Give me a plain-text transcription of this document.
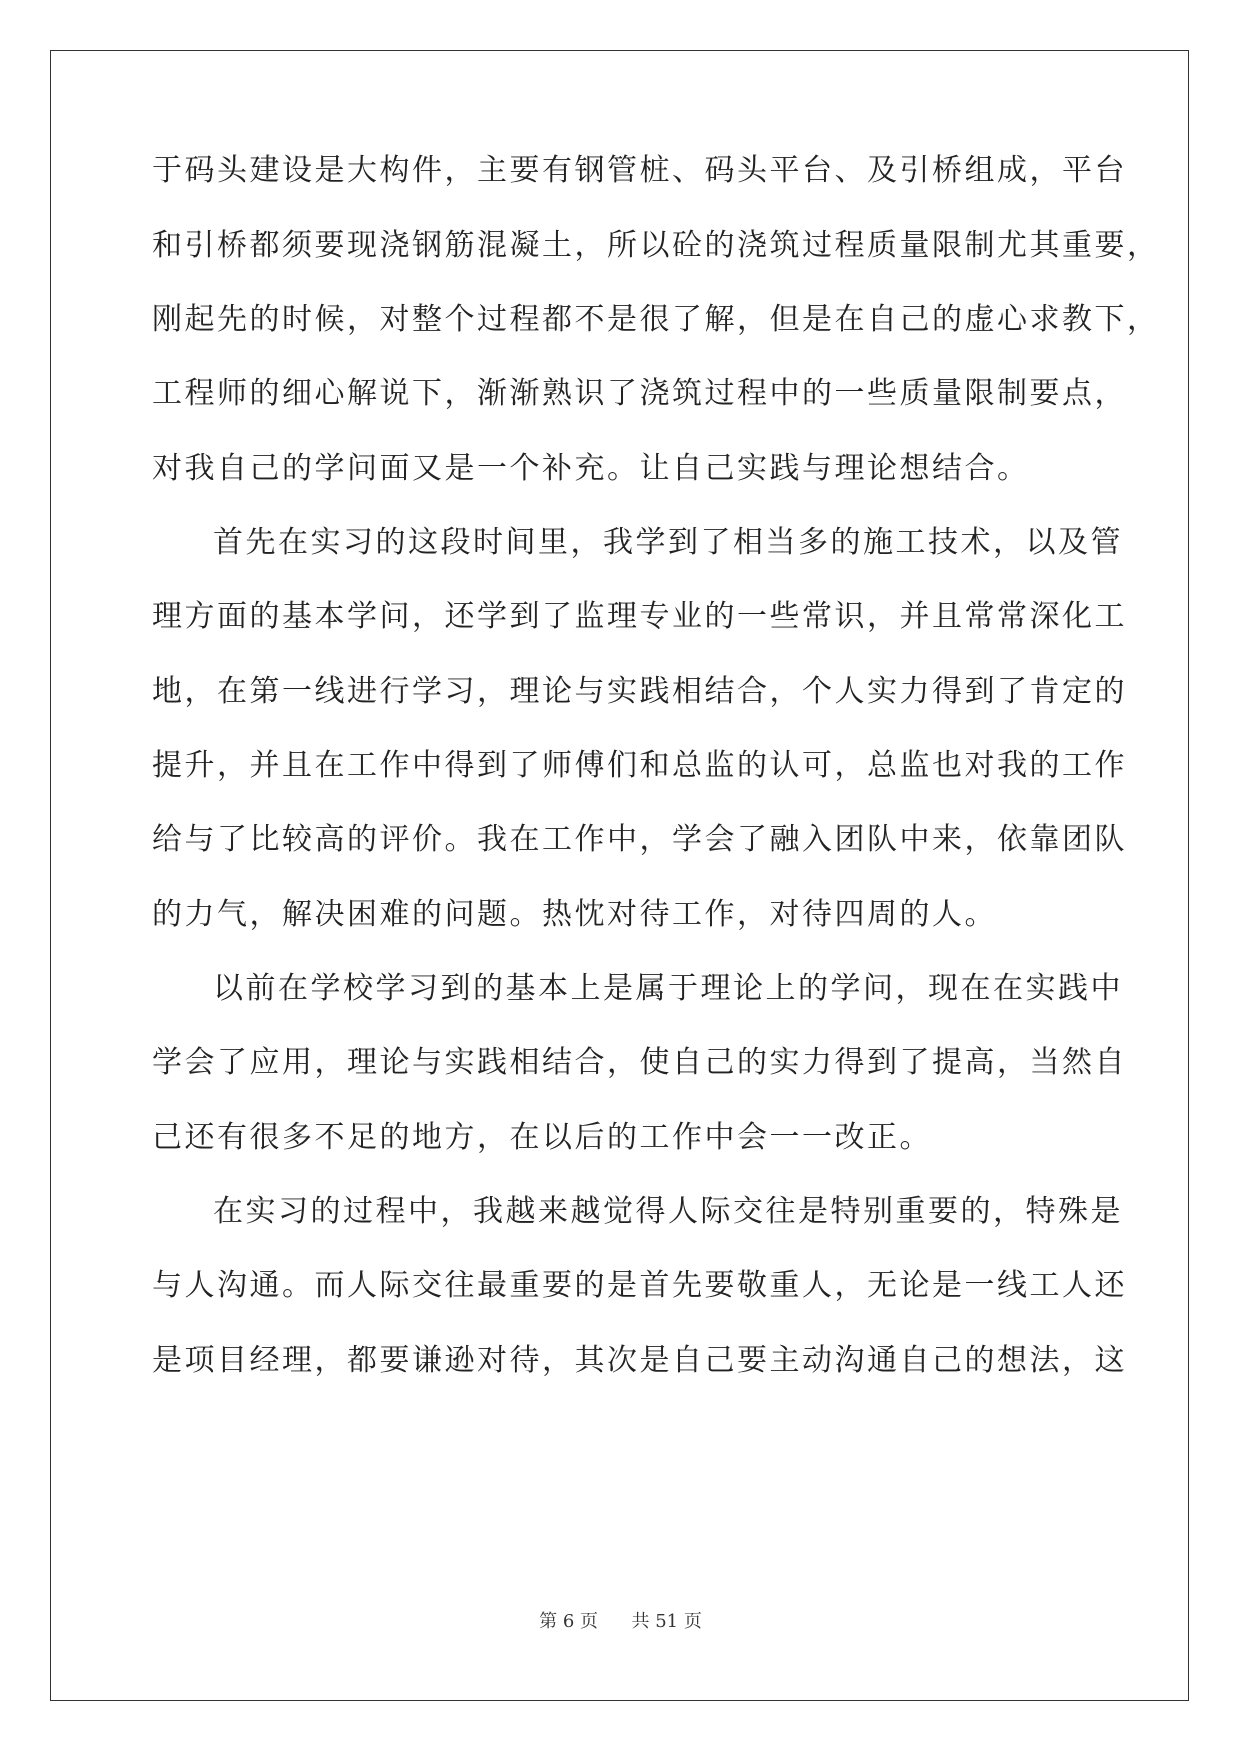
于码头建设是大构件，主要有钢管桩、码头平台、及引桥组成，平台
和引桥都须要现浇钢筋混凝土，所以砼的浇筑过程质量限制尤其重要，
刚起先的时候，对整个过程都不是很了解，但是在自己的虚心求教下，
工程师的细心解说下，渐渐熟识了浇筑过程中的一些质量限制要点，
对我自己的学问面又是一个补充。让自己实践与理论想结合。
首先在实习的这段时间里，我学到了相当多的施工技术，以及管
理方面的基本学问，还学到了监理专业的一些常识，并且常常深化工
地，在第一线进行学习，理论与实践相结合，个人实力得到了肯定的
提升，并且在工作中得到了师傅们和总监的认可，总监也对我的工作
给与了比较高的评价。我在工作中，学会了融入团队中来，依靠团队
的力气，解决困难的问题。热忱对待工作，对待四周的人。
以前在学校学习到的基本上是属于理论上的学问，现在在实践中
学会了应用，理论与实践相结合，使自己的实力得到了提高，当然自
己还有很多不足的地方，在以后的工作中会一一改正。
在实习的过程中，我越来越觉得人际交往是特别重要的，特殊是
与人沟通。而人际交往最重要的是首先要敬重人，无论是一线工人还
是项目经理，都要谦逊对待，其次是自己要主动沟通自己的想法，这
第 6 页 共 51 页
